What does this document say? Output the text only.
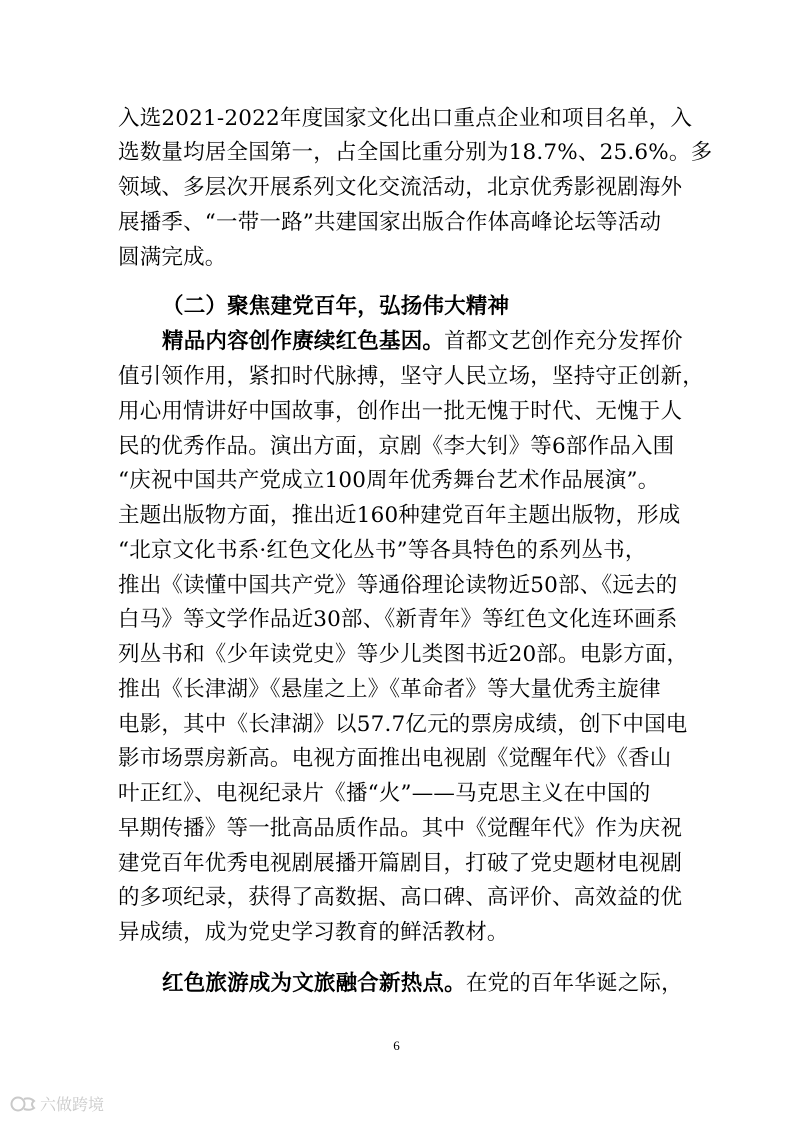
入选2021-2022年度国家文化出口重点企业和项目名单，入
选数量均居全国第一，占全国比重分别为18.7%、25.6%。多
领域、多层次开展系列文化交流活动，北京优秀影视剧海外
展播季、“一带一路”共建国家出版合作体高峰论坛等活动
圆满完成。
（二）聚焦建党百年，弘扬伟大精神
精品内容创作赓续红色基因。首都文艺创作充分发挥价
值引领作用，紧扣时代脉搏，坚守人民立场，坚持守正创新，
用心用情讲好中国故事，创作出一批无愧于时代、无愧于人
民的优秀作品。演出方面，京剧《李大钊》等6部作品入围
“庆祝中国共产党成立100周年优秀舞台艺术作品展演”。
主题出版物方面，推出近160种建党百年主题出版物，形成
“北京文化书系·红色文化丛书”等各具特色的系列丛书，
推出《读懂中国共产党》等通俗理论读物近50部、《远去的
白马》等文学作品近30部、《新青年》等红色文化连环画系
列丛书和《少年读党史》等少儿类图书近20部。电影方面，
推出《长津湖》《悬崖之上》《革命者》等大量优秀主旋律
电影，其中《长津湖》以57.7亿元的票房成绩，创下中国电
影市场票房新高。电视方面推出电视剧《觉醒年代》《香山
叶正红》、电视纪录片《播“火”——马克思主义在中国的
早期传播》等一批高品质作品。其中《觉醒年代》作为庆祝
建党百年优秀电视剧展播开篇剧目，打破了党史题材电视剧
的多项纪录，获得了高数据、高口碑、高评价、高效益的优
异成绩，成为党史学习教育的鲜活教材。
红色旅游成为文旅融合新热点。在党的百年华诞之际，
6
六做跨境
